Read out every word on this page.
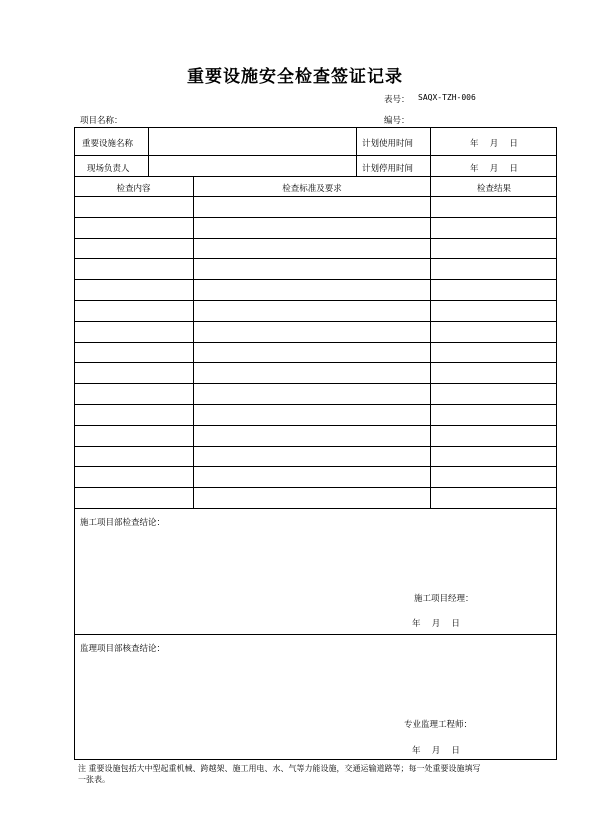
重要设施安全检查签证记录
表号： SAQX-TZH-006
编号：
项目名称：
重要设施名称	计划使用时间	年　 月　 日
现场负责人	计划停用时间	年　 月　 日
检查内容	检查标准及要求	检查结果
施工项目部检查结论：
施工项目经理：
年　 月　 日
监理项目部核查结论：
专业监理工程师：
年　 月　 日
注 重要设施包括大中型起重机械、跨越架、施工用电、水、气等力能设施，交通运输道路等；每一处重要设施填写
一张表。
